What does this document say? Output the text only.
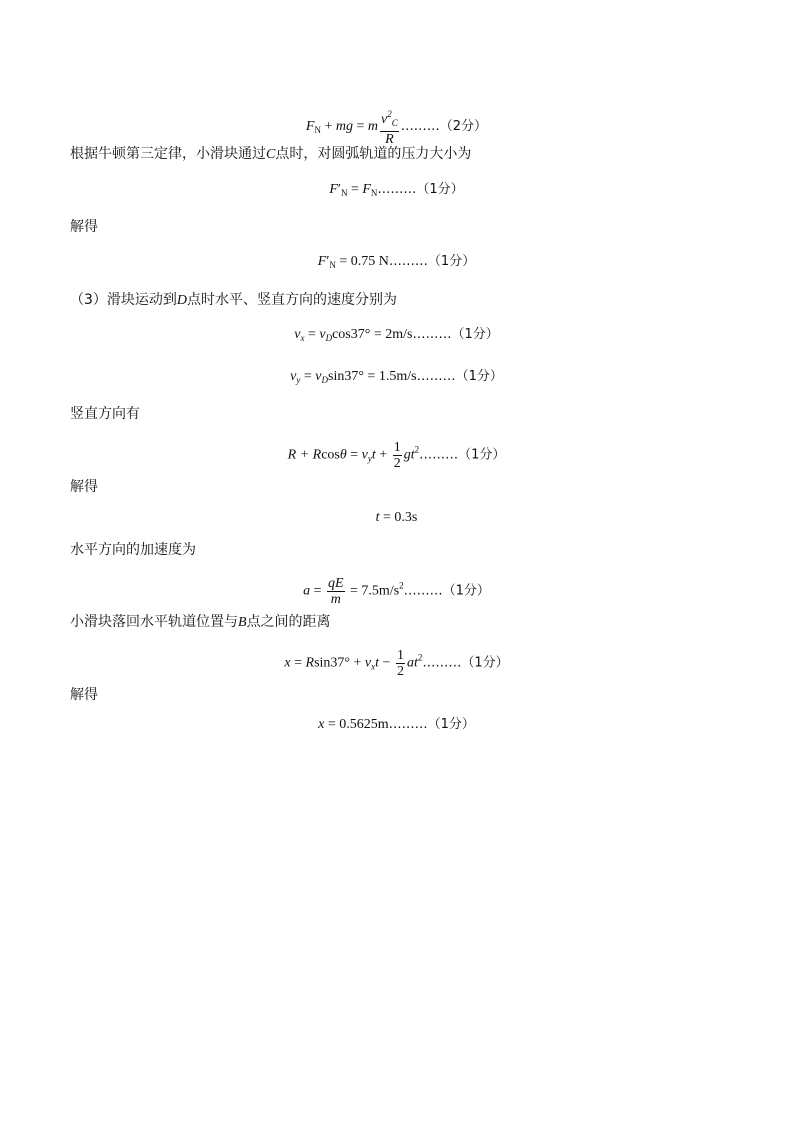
$F_N$ + mg = m $\frac{v^2_C}{R}$ ………（2分）
根据牛顿第三定律，小滑块通过C点时，对圆弧轨道的压力大小为
$F'_N$ = $F_N\dots\dots\dots(1$分）
解得
$F'_N = 0.75$ N………（1分）
（3）滑块运动到D点时水平、竖直方向的速度分别为
$v_x = v_D\cos 37^\circ$ = 2m/s………（1分）
$v_y = v_D\sin 37^\circ$ = 1.5m/s………（1分）
竖直方向有
$R + Rcos\theta = v_yt + \frac{1}{2}$ $gt^2\dots\dots\dots(1$分）
解得
t = 0.3s
水平方向的加速度为
$a = \frac{qE}{m}$ = $7.5m/s^2\dots\dots\dots(1$分）
小滑块落回水平轨道位置与B点之间的距离
$x = Rsin37^\circ + v_xt - \frac{1}{2}$ $at^2\dots\dots\dots(1$分）
解得
x = 0.5625m………（1分）
